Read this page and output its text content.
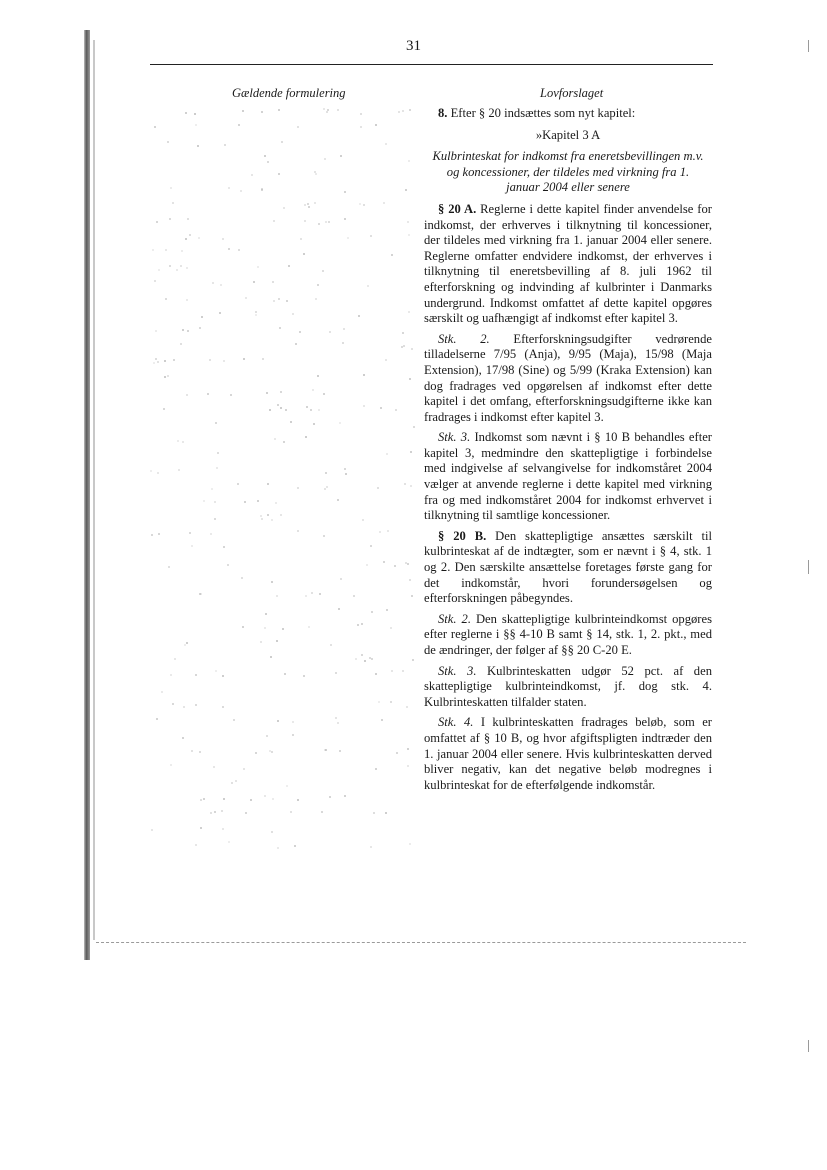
31
Gældende formulering	Lovforslaget

8. Efter § 20 indsættes som nyt kapitel:

»Kapitel 3 A
Kulbrinteskat for indkomst fra eneretsbevillingen m.v. og koncessioner, der tildeles med virkning fra 1. januar 2004 eller senere

§ 20 A. Reglerne i dette kapitel finder anvendelse for indkomst, der erhverves i tilknytning til koncessioner, der tildeles med virkning fra 1. januar 2004 eller senere. Reglerne omfatter endvidere indkomst, der erhverves i tilknytning til eneretsbevilling af 8. juli 1962 til efterforskning og indvinding af kulbrinter i Danmarks undergrund. Indkomst omfattet af dette kapitel opgøres særskilt og uafhængigt af indkomst efter kapitel 3.

Stk. 2. Efterforskningsudgifter vedrørende tilladelserne 7/95 (Anja), 9/95 (Maja), 15/98 (Maja Extension), 17/98 (Sine) og 5/99 (Kraka Extension) kan dog fradrages ved opgørelsen af indkomst efter dette kapitel i det omfang, efterforskningsudgifterne ikke kan fradrages i indkomst efter kapitel 3.

Stk. 3. Indkomst som nævnt i § 10 B behandles efter kapitel 3, medmindre den skattepligtige i forbindelse med indgivelse af selvangivelse for indkomståret 2004 vælger at anvende reglerne i dette kapitel med virkning fra og med indkomståret 2004 for indkomst erhvervet i tilknytning til samtlige koncessioner.

§ 20 B. Den skattepligtige ansættes særskilt til kulbrinteskat af de indtægter, som er nævnt i § 4, stk. 1 og 2. Den særskilte ansættelse foretages første gang for det indkomstår, hvori forundersøgelsen og efterforskningen påbegyndes.

Stk. 2. Den skattepligtige kulbrinteindkomst opgøres efter reglerne i §§ 4-10 B samt § 14, stk. 1, 2. pkt., med de ændringer, der følger af §§ 20 C-20 E.

Stk. 3. Kulbrinteskatten udgør 52 pct. af den skattepligtige kulbrinteindkomst, jf. dog stk. 4. Kulbrinteskatten tilfalder staten.

Stk. 4. I kulbrinteskatten fradrages beløb, som er omfattet af § 10 B, og hvor afgiftspligten indtræder den 1. januar 2004 eller senere. Hvis kulbrinteskatten derved bliver negativ, kan det negative beløb modregnes i kulbrinteskat for de efterfølgende indkomstår.
